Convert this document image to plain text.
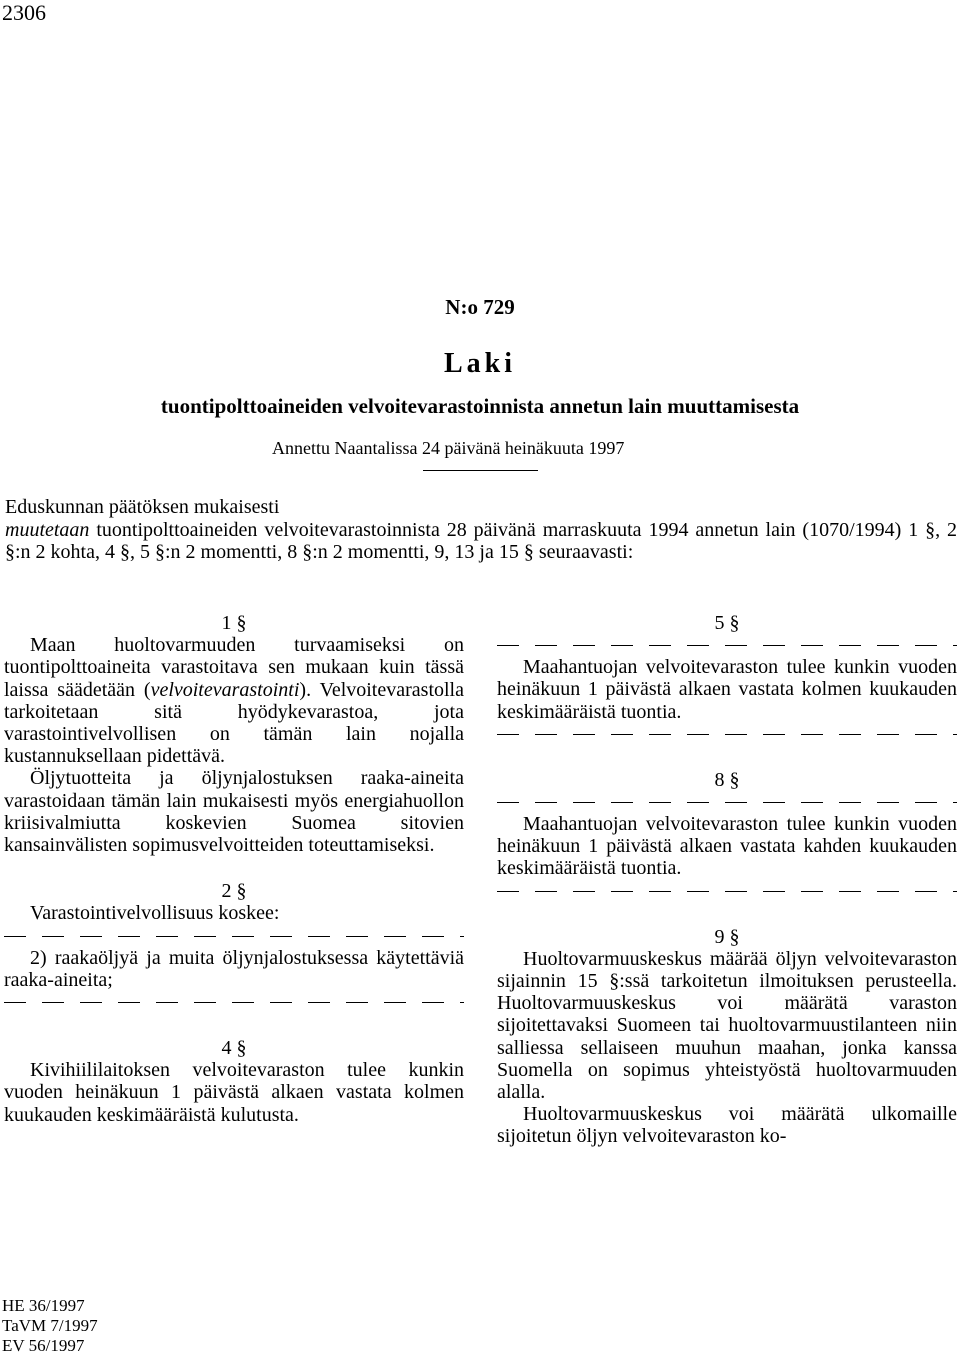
2306
N:o 729
Laki
tuontipolttoaineiden velvoitevarastoinnista annetun lain muuttamisesta
Annettu Naantalissa 24 päivänä heinäkuuta 1997

Eduskunnan päätöksen mukaisesti

muutetaan tuontipolttoaineiden velvoitevarastoinnista 28 päivänä marraskuuta 1994 annetun lain (1070/1994) 1 §, 2 §:n 2 kohta, 4 §, 5 §:n 2 momentti, 8 §:n 2 momentti, 9, 13 ja 15 § seuraavasti:

1 §

Maan huoltovarmuuden turvaamiseksi on tuontipolttoaineita varastoitava sen mukaan kuin tässä laissa säädetään (velvoitevarastointi). Velvoitevarastolla tarkoitetaan sitä hyödykevarastoa, jota varastointivelvollisen on tämän lain nojalla kustannuksellaan pidettävä.

Öljytuotteita ja öljynjalostuksen raaka-aineita varastoidaan tämän lain mukaisesti myös energiahuollon kriisivalmiutta koskevien Suomea sitovien kansainvälisten sopimusvelvoitteiden toteuttamiseksi.

2 §

Varastointivelvollisuus koskee:

2) raakaöljyä ja muita öljynjalostuksessa käytettäviä raaka-aineita;

4 §

Kivihiililaitoksen velvoitevaraston tulee kunkin vuoden heinäkuun 1 päivästä alkaen vastata kolmen kuukauden keskimääräistä kulutusta.

5 §

Maahantuojan velvoitevaraston tulee kunkin vuoden heinäkuun 1 päivästä alkaen vastata kolmen kuukauden keskimääräistä tuontia.

8 §

Maahantuojan velvoitevaraston tulee kunkin vuoden heinäkuun 1 päivästä alkaen vastata kahden kuukauden keskimääräistä tuontia.

9 §

Huoltovarmuuskeskus määrää öljyn velvoitevaraston sijainnin 15 §:ssä tarkoitetun ilmoituksen perusteella. Huoltovarmuuskeskus voi määrätä varaston sijoitettavaksi Suomeen tai huoltovarmuustilanteen niin salliessa sellaiseen muuhun maahan, jonka kanssa Suomella on sopimus yhteistyöstä huoltovarmuuden alalla.

Huoltovarmuuskeskus voi määrätä ulkomaille sijoitetun öljyn velvoitevaraston ko-

HE 36/1997
TaVM 7/1997
EV 56/1997
